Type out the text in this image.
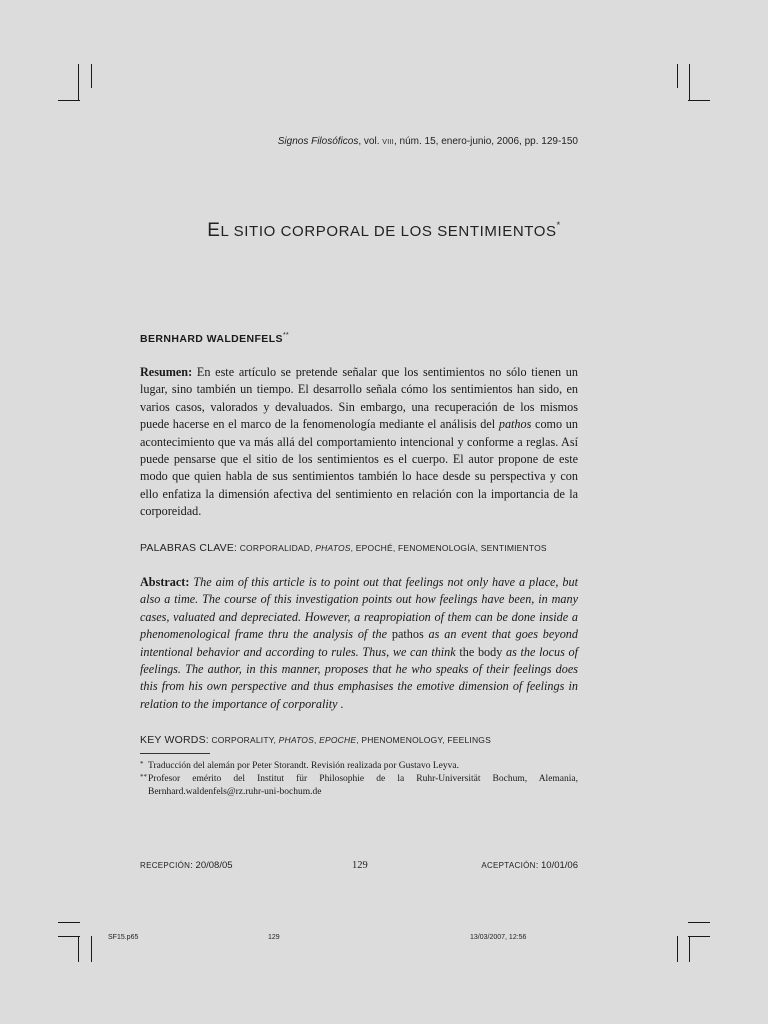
Signos Filosóficos, vol. VIII, núm. 15, enero-junio, 2006, pp. 129-150
EL SITIO CORPORAL DE LOS SENTIMIENTOS*
BERNHARD WALDENFELS**
Resumen: En este artículo se pretende señalar que los sentimientos no sólo tienen un lugar, sino también un tiempo. El desarrollo señala cómo los sentimientos han sido, en varios casos, valorados y devaluados. Sin embargo, una recuperación de los mismos puede hacerse en el marco de la fenomenología mediante el análisis del pathos como un acontecimiento que va más allá del comportamiento intencional y conforme a reglas. Así puede pensarse que el sitio de los sentimientos es el cuerpo. El autor propone de este modo que quien habla de sus sentimientos también lo hace desde su perspectiva y con ello enfatiza la dimensión afectiva del sentimiento en relación con la importancia de la corporeidad.
PALABRAS CLAVE: CORPORALIDAD, PHATOS, EPOCHÉ, FENOMENOLOGÍA, SENTIMIENTOS
Abstract: The aim of this article is to point out that feelings not only have a place, but also a time. The course of this investigation points out how feelings have been, in many cases, valuated and depreciated. However, a reapropiation of them can be done inside a phenomenological frame thru the analysis of the pathos as an event that goes beyond intentional behavior and according to rules. Thus, we can think the body as the locus of feelings. The author, in this manner, proposes that he who speaks of their feelings does this from his own perspective and thus emphasises the emotive dimension of feelings in relation to the importance of corporality .
KEY WORDS: CORPORALITY, PHATOS, EPOCHE, PHENOMENOLOGY, FEELINGS
* Traducción del alemán por Peter Storandt. Revisión realizada por Gustavo Leyva.
** Profesor emérito del Institut für Philosophie de la Ruhr-Universität Bochum, Alemania, Bernhard.waldenfels@rz.ruhr-uni-bochum.de
RECEPCIÓN: 20/08/05	129	ACEPTACIÓN: 10/01/06
SF15.p65	129	13/03/2007, 12:56
